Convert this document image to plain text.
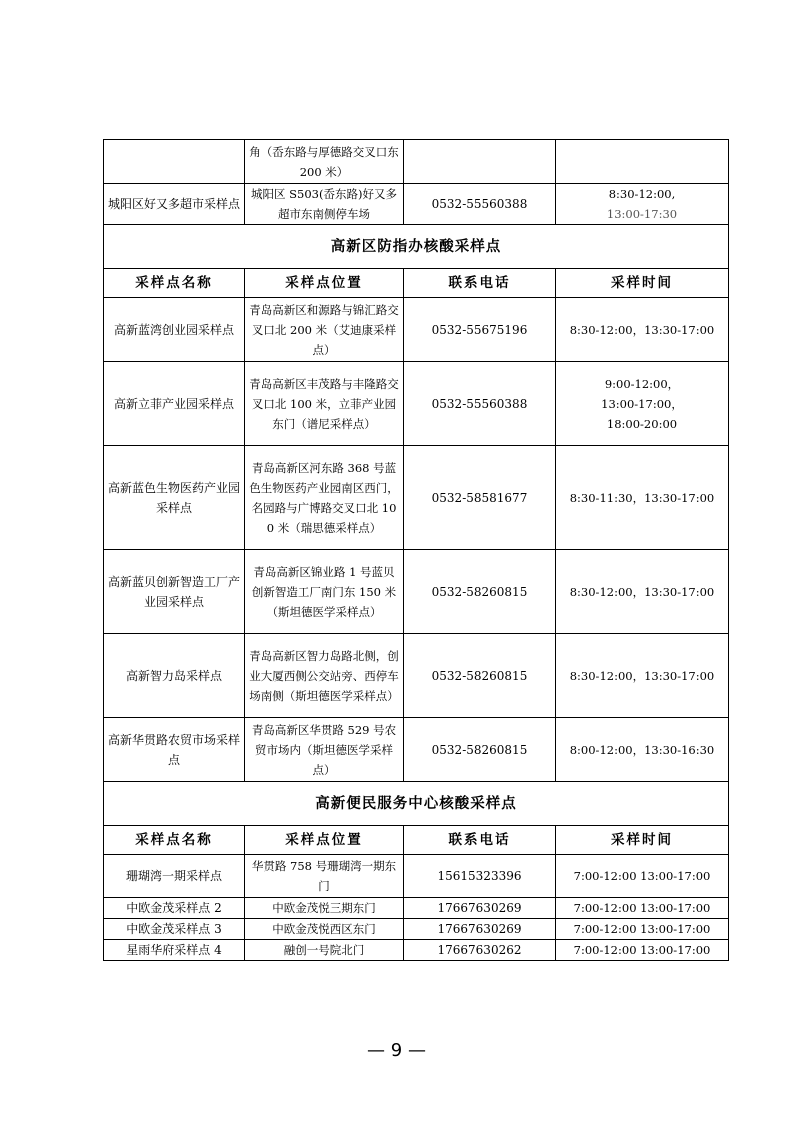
	角（岙东路与厚德路交叉口东 200 米）		
城阳区好又多超市采样点	城阳区 S503(岙东路)好又多超市东南侧停车场	0532-55560388	8:30-12:00,
13:00-17:30

高新区防指办核酸采样点			
采样点名称	采样点位置	联系电话	采样时间
高新蓝湾创业园采样点	青岛高新区和源路与锦汇路交叉口北 200 米（艾迪康采样点）	0532-55675196	8:30-12:00，13:30-17:00
高新立菲产业园采样点	青岛高新区丰茂路与丰隆路交叉口北 100 米，立菲产业园东门（谱尼采样点）	0532-55560388	9:00-12:00，
13:00-17:00，
18:00-20:00

高新蓝色生物医药产业园采样点	青岛高新区河东路 368 号蓝色生物医药产业园南区西门，名园路与广博路交叉口北 100 米（瑞思德采样点）	0532-58581677	8:30-11:30，13:30-17:00
高新蓝贝创新智造工厂产业园采样点	青岛高新区锦业路 1 号蓝贝创新智造工厂南门东 150 米（斯坦德医学采样点）	0532-58260815	8:30-12:00，13:30-17:00
高新智力岛采样点	青岛高新区智力岛路北侧，创业大厦西侧公交站旁、西停车场南侧（斯坦德医学采样点）	0532-58260815	8:30-12:00，13:30-17:00
高新华贯路农贸市场采样点	青岛高新区华贯路 529 号农贸市场内（斯坦德医学采样点）	0532-58260815	8:00-12:00，13:30-16:30
高新便民服务中心核酸采样点			
采样点名称	采样点位置	联系电话	采样时间
珊瑚湾一期采样点	华贯路 758 号珊瑚湾一期东门	15615323396	7:00-12:00 13:00-17:00
中欧金茂采样点 2	中欧金茂悦三期东门	17667630269	7:00-12:00 13:00-17:00
中欧金茂采样点 3	中欧金茂悦西区东门	17667630269	7:00-12:00 13:00-17:00
星雨华府采样点 4	融创一号院北门	17667630262	7:00-12:00 13:00-17:00
— 9 —
